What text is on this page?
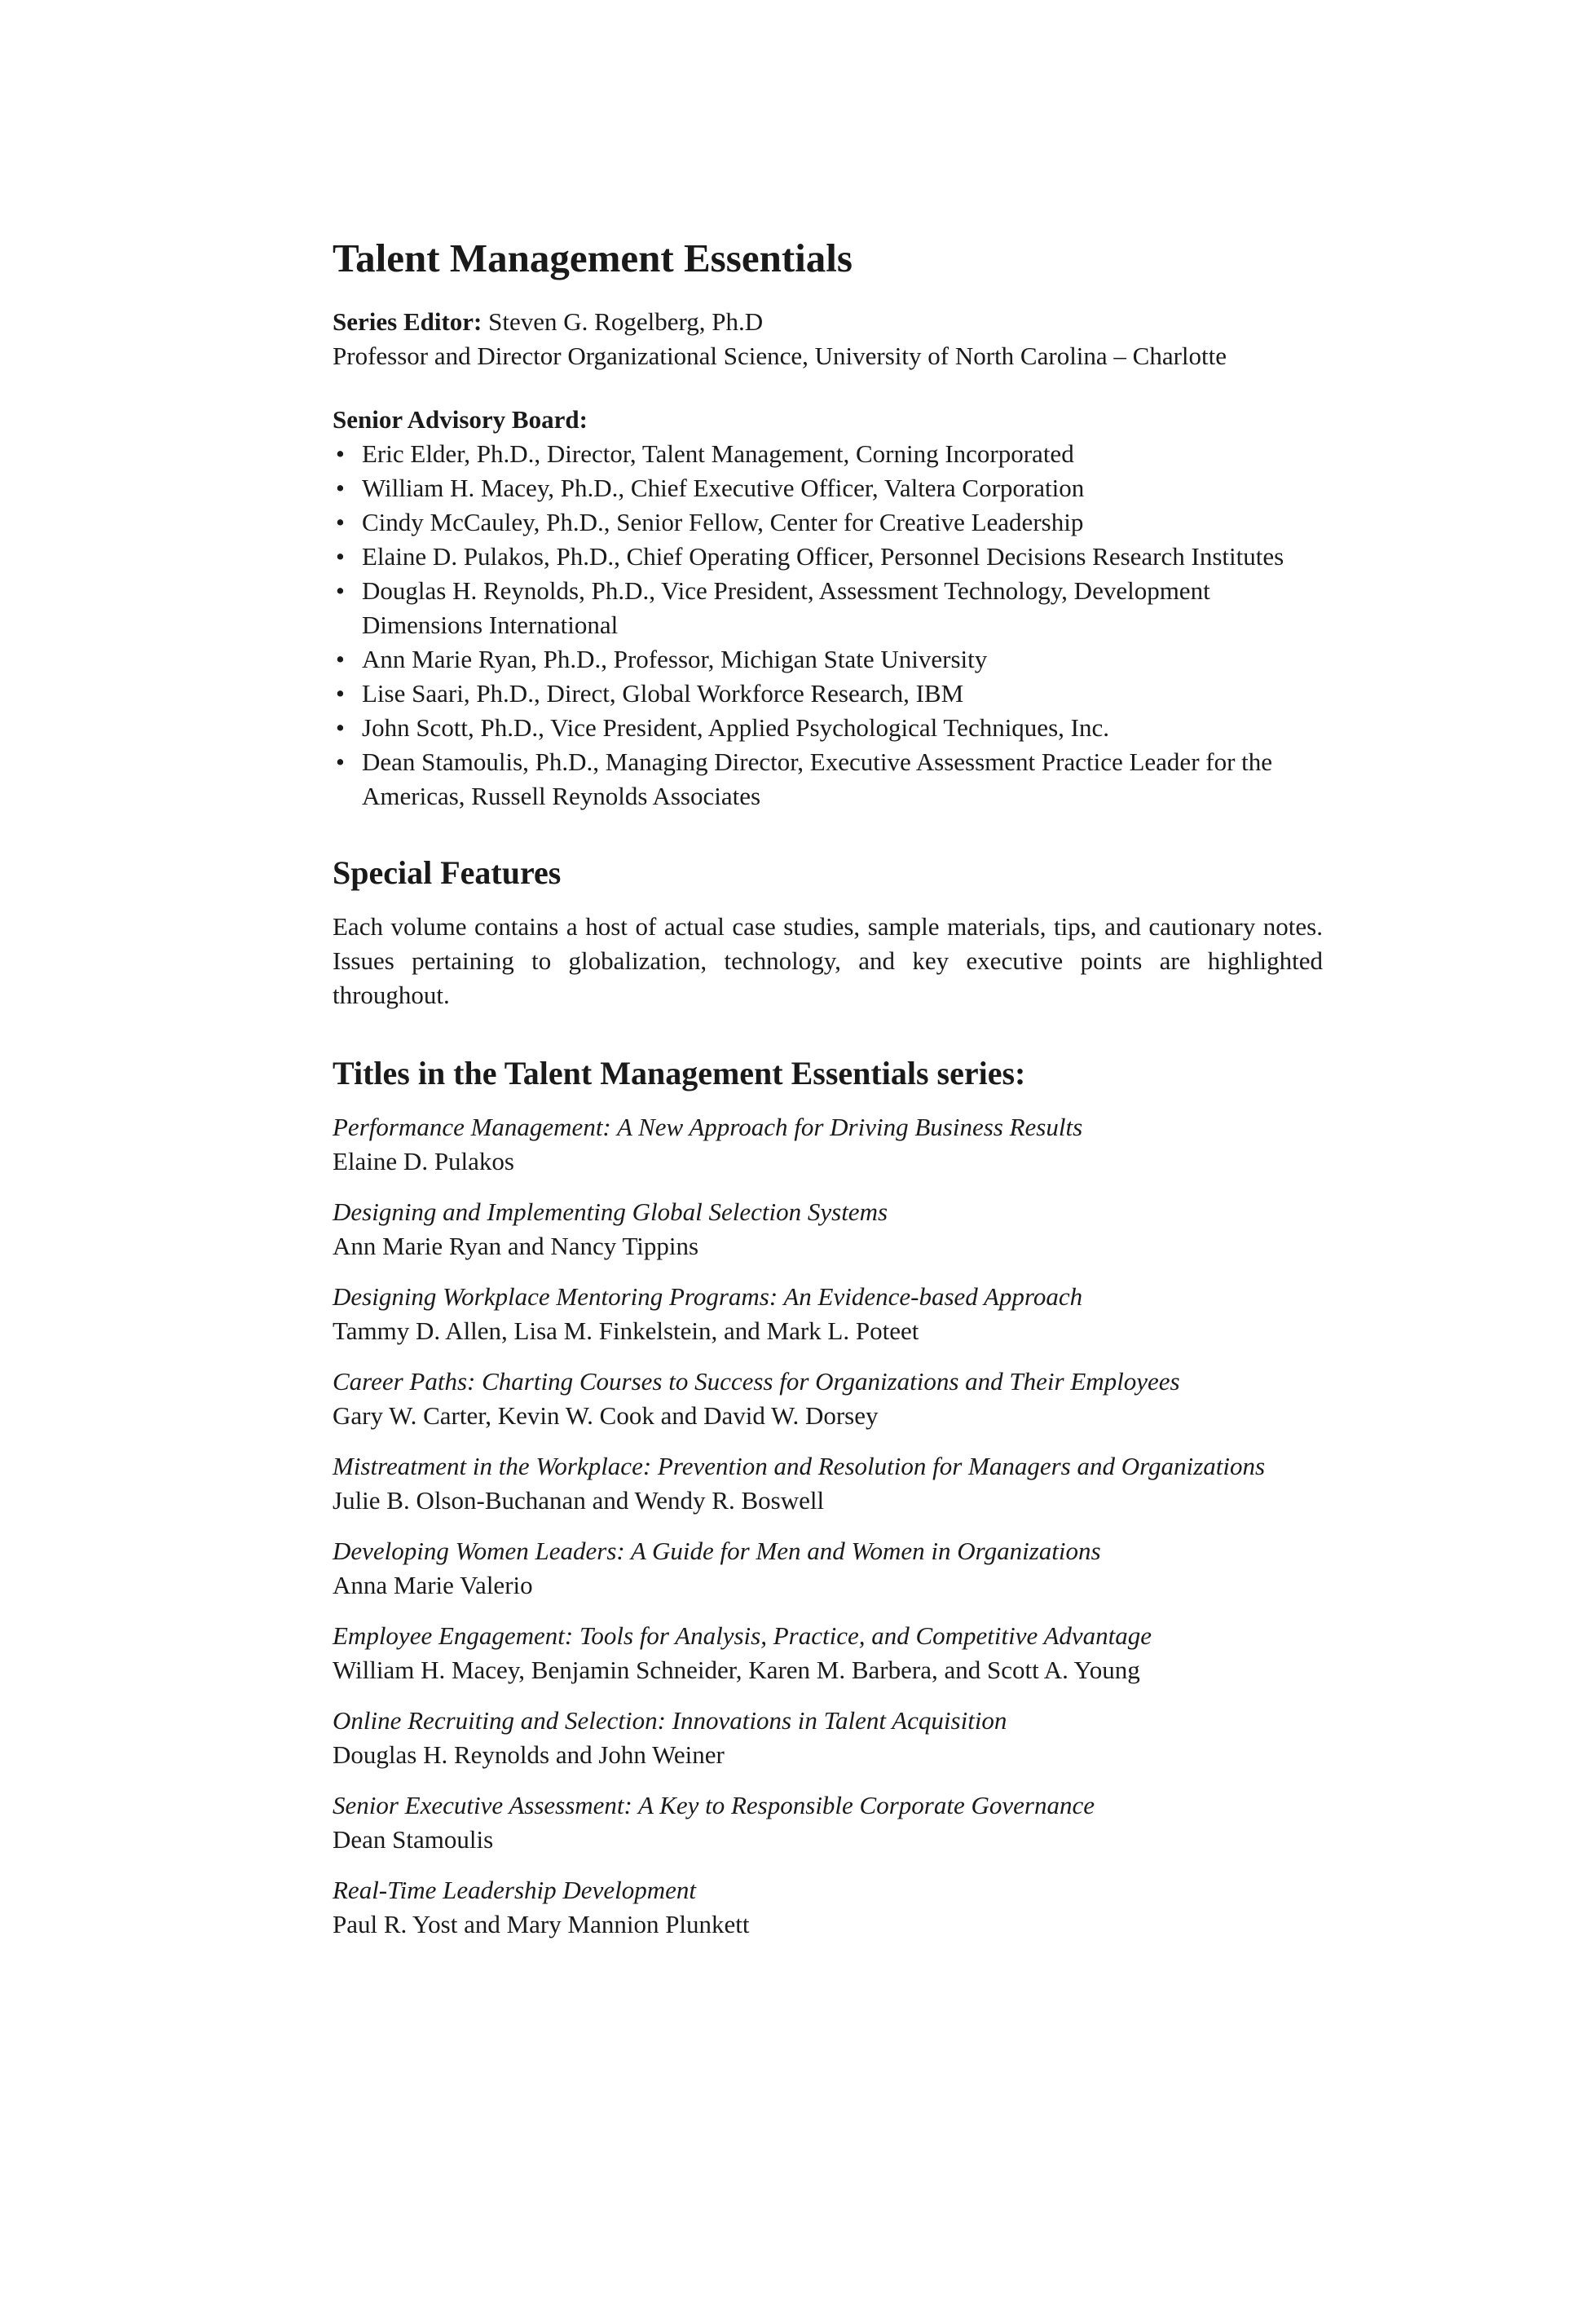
Talent Management Essentials
Series Editor: Steven G. Rogelberg, Ph.D
Professor and Director Organizational Science, University of North Carolina – Charlotte
Senior Advisory Board:
• Eric Elder, Ph.D., Director, Talent Management, Corning Incorporated
• William H. Macey, Ph.D., Chief Executive Officer, Valtera Corporation
• Cindy McCauley, Ph.D., Senior Fellow, Center for Creative Leadership
• Elaine D. Pulakos, Ph.D., Chief Operating Officer, Personnel Decisions Research Institutes
• Douglas H. Reynolds, Ph.D., Vice President, Assessment Technology, Development Dimensions International
• Ann Marie Ryan, Ph.D., Professor, Michigan State University
• Lise Saari, Ph.D., Direct, Global Workforce Research, IBM
• John Scott, Ph.D., Vice President, Applied Psychological Techniques, Inc.
• Dean Stamoulis, Ph.D., Managing Director, Executive Assessment Practice Leader for the Americas, Russell Reynolds Associates
Special Features
Each volume contains a host of actual case studies, sample materials, tips, and cautionary notes. Issues pertaining to globalization, technology, and key executive points are highlighted throughout.
Titles in the Talent Management Essentials series:
Performance Management: A New Approach for Driving Business Results
Elaine D. Pulakos
Designing and Implementing Global Selection Systems
Ann Marie Ryan and Nancy Tippins
Designing Workplace Mentoring Programs: An Evidence-based Approach
Tammy D. Allen, Lisa M. Finkelstein, and Mark L. Poteet
Career Paths: Charting Courses to Success for Organizations and Their Employees
Gary W. Carter, Kevin W. Cook and David W. Dorsey
Mistreatment in the Workplace: Prevention and Resolution for Managers and Organizations
Julie B. Olson-Buchanan and Wendy R. Boswell
Developing Women Leaders: A Guide for Men and Women in Organizations
Anna Marie Valerio
Employee Engagement: Tools for Analysis, Practice, and Competitive Advantage
William H. Macey, Benjamin Schneider, Karen M. Barbera, and Scott A. Young
Online Recruiting and Selection: Innovations in Talent Acquisition
Douglas H. Reynolds and John Weiner
Senior Executive Assessment: A Key to Responsible Corporate Governance
Dean Stamoulis
Real-Time Leadership Development
Paul R. Yost and Mary Mannion Plunkett
